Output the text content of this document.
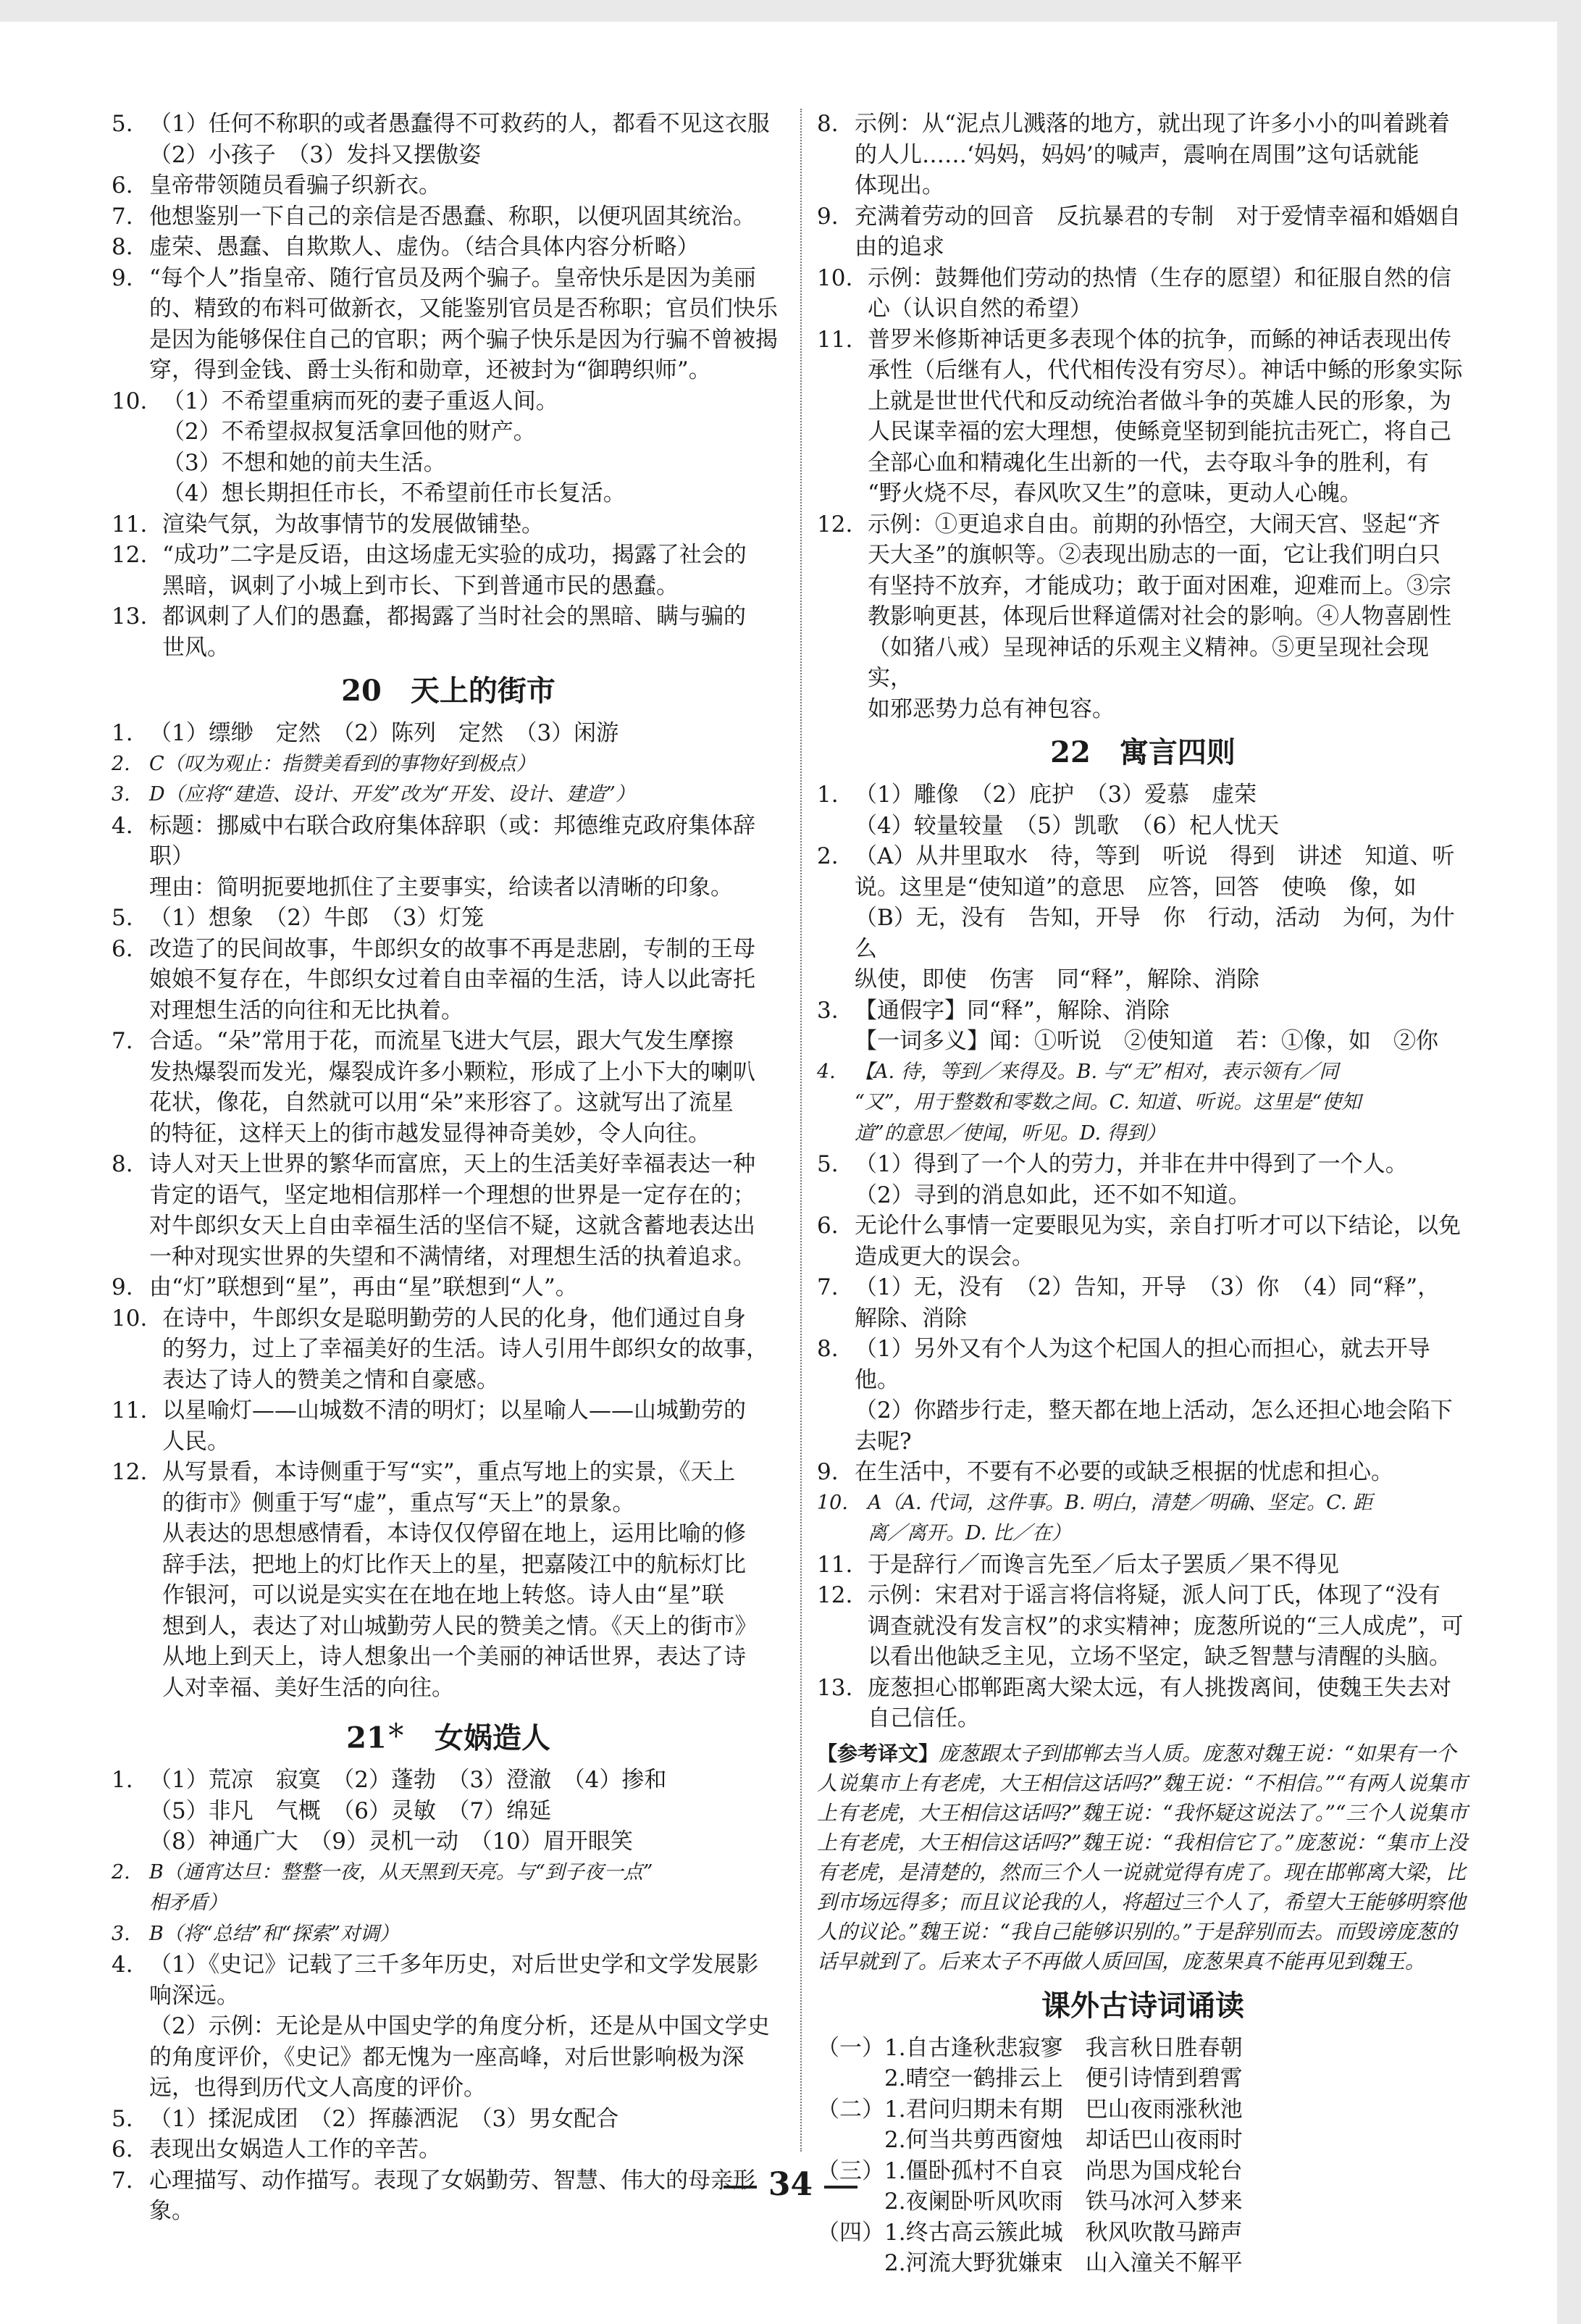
5. （1）任何不称职的或者愚蠢得不可救药的人，都看不见这衣服
（2）小孩子　（3）发抖又摆傲姿
6. 皇帝带领随员看骗子织新衣。
7. 他想鉴别一下自己的亲信是否愚蠢、称职，以便巩固其统治。
8. 虚荣、愚蠢、自欺欺人、虚伪。（结合具体内容分析略）
9. “每个人”指皇帝、随行官员及两个骗子。皇帝快乐是因为美丽
的、精致的布料可做新衣，又能鉴别官员是否称职；官员们快乐
是因为能够保住自己的官职；两个骗子快乐是因为行骗不曾被揭
穿，得到金钱、爵士头衔和勋章，还被封为“御聘织师”。
10. （1）不希望重病而死的妻子重返人间。
（2）不希望叔叔复活拿回他的财产。
（3）不想和她的前夫生活。
（4）想长期担任市长，不希望前任市长复活。
11. 渲染气氛，为故事情节的发展做铺垫。
12. “成功”二字是反语，由这场虚无实验的成功，揭露了社会的
黑暗，讽刺了小城上到市长、下到普通市民的愚蠢。
13. 都讽刺了人们的愚蠢，都揭露了当时社会的黑暗、瞒与骗的
世风。
20　天上的街市
1. （1）缥缈　定然　（2）陈列　定然　（3）闲游
2. C（叹为观止：指赞美看到的事物好到极点）
3. D（应将“建造、设计、开发”改为“开发、设计、建造”）
4. 标题：挪威中右联合政府集体辞职（或：邦德维克政府集体辞职）
理由：简明扼要地抓住了主要事实，给读者以清晰的印象。
5. （1）想象　（2）牛郎　（3）灯笼
6. 改造了的民间故事，牛郎织女的故事不再是悲剧，专制的王母
娘娘不复存在，牛郎织女过着自由幸福的生活，诗人以此寄托
对理想生活的向往和无比执着。
7. 合适。“朵”常用于花，而流星飞进大气层，跟大气发生摩擦
发热爆裂而发光，爆裂成许多小颗粒，形成了上小下大的喇叭
花状，像花，自然就可以用“朵”来形容了。这就写出了流星
的特征，这样天上的街市越发显得神奇美妙，令人向往。
8. 诗人对天上世界的繁华而富庶，天上的生活美好幸福表达一种
肯定的语气，坚定地相信那样一个理想的世界是一定存在的；
对牛郎织女天上自由幸福生活的坚信不疑，这就含蓄地表达出
一种对现实世界的失望和不满情绪，对理想生活的执着追求。
9. 由“灯”联想到“星”，再由“星”联想到“人”。
10. 在诗中，牛郎织女是聪明勤劳的人民的化身，他们通过自身
的努力，过上了幸福美好的生活。诗人引用牛郎织女的故事，
表达了诗人的赞美之情和自豪感。
11. 以星喻灯——山城数不清的明灯；以星喻人——山城勤劳的
人民。
12. 从写景看，本诗侧重于写“实”，重点写地上的实景，《天上
的街市》侧重于写“虚”，重点写“天上”的景象。
从表达的思想感情看，本诗仅仅停留在地上，运用比喻的修
辞手法，把地上的灯比作天上的星，把嘉陵江中的航标灯比
作银河，可以说是实实在在地在地上转悠。诗人由“星”联
想到人，表达了对山城勤劳人民的赞美之情。《天上的街市》
从地上到天上，诗人想象出一个美丽的神话世界，表达了诗
人对幸福、美好生活的向往。
21＊　女娲造人
1. （1）荒凉　寂寞　（2）蓬勃　（3）澄澈　（4）掺和
（5）非凡　气概　（6）灵敏　（7）绵延
（8）神通广大　（9）灵机一动　（10）眉开眼笑
2. B（通宵达旦：整整一夜，从天黑到天亮。与“到子夜一点”
相矛盾）
3. B（将“总结”和“探索”对调）
4. （1）《史记》记载了三千多年历史，对后世史学和文学发展影
响深远。
（2）示例：无论是从中国史学的角度分析，还是从中国文学史
的角度评价，《史记》都无愧为一座高峰，对后世影响极为深
远，也得到历代文人高度的评价。
5. （1）揉泥成团　（2）挥藤洒泥　（3）男女配合
6. 表现出女娲造人工作的辛苦。
7. 心理描写、动作描写。表现了女娲勤劳、智慧、伟大的母亲形象。
8. 示例：从“泥点儿溅落的地方，就出现了许多小小的叫着跳着
的人儿……‘妈妈，妈妈’的喊声，震响在周围”这句话就能
体现出。
9. 充满着劳动的回音　反抗暴君的专制　对于爱情幸福和婚姻自
由的追求
10. 示例：鼓舞他们劳动的热情（生存的愿望）和征服自然的信
心（认识自然的希望）
11. 普罗米修斯神话更多表现个体的抗争，而鲧的神话表现出传
承性（后继有人，代代相传没有穷尽）。神话中鲧的形象实际
上就是世世代代和反动统治者做斗争的英雄人民的形象，为
人民谋幸福的宏大理想，使鲧竟坚韧到能抗击死亡，将自己
全部心血和精魂化生出新的一代，去夺取斗争的胜利，有
“野火烧不尽，春风吹又生”的意味，更动人心魄。
12. 示例：①更追求自由。前期的孙悟空，大闹天宫、竖起“齐
天大圣”的旗帜等。②表现出励志的一面，它让我们明白只
有坚持不放弃，才能成功；敢于面对困难，迎难而上。③宗
教影响更甚，体现后世释道儒对社会的影响。④人物喜剧性
（如猪八戒）呈现神话的乐观主义精神。⑤更呈现社会现实，
如邪恶势力总有神包容。
22　寓言四则
1. （1）雕像　（2）庇护　（3）爱慕　虚荣
（4）较量较量　（5）凯歌　（6）杞人忧天
2. （A）从井里取水　待，等到　听说　得到　讲述　知道、听
说。这里是“使知道”的意思　应答，回答　使唤　像，如
（B）无，没有　告知，开导　你　行动，活动　为何，为什么
纵使，即使　伤害　同“释”，解除、消除
3. 【通假字】同“释”，解除、消除
【一词多义】闻：①听说　②使知道　若：①像，如　②你
4. 【A. 待，等到／来得及。B. 与“无”相对，表示领有／同
“又”，用于整数和零数之间。C. 知道、听说。这里是“使知
道”的意思／使闻，听见。D. 得到）
5. （1）得到了一个人的劳力，并非在井中得到了一个人。
（2）寻到的消息如此，还不如不知道。
6. 无论什么事情一定要眼见为实，亲自打听才可以下结论，以免
造成更大的误会。
7. （1）无，没有　（2）告知，开导　（3）你　（4）同“释”，
解除、消除
8. （1）另外又有个人为这个杞国人的担心而担心，就去开导他。
（2）你踏步行走，整天都在地上活动，怎么还担心地会陷下去呢?
9. 在生活中，不要有不必要的或缺乏根据的忧虑和担心。
10.	A（A. 代词，这件事。B. 明白，清楚／明确、坚定。C. 距
离／离开。D. 比／在）
11. 于是辞行／而谗言先至／后太子罢质／果不得见
12. 示例：宋君对于谣言将信将疑，派人问丁氏，体现了“没有
调查就没有发言权”的求实精神；庞葱所说的“三人成虎”，可
以看出他缺乏主见，立场不坚定，缺乏智慧与清醒的头脑。
13. 庞葱担心邯郸距离大梁太远，有人挑拨离间，使魏王失去对
自己信任。
【参考译文】庞葱跟太子到邯郸去当人质。庞葱对魏王说：“如果有一个人说集市上有老虎，大王相信这话吗?”魏王说：“不相信。”“有两人说集市上有老虎，大王相信这话吗?”魏王说：“我怀疑这说法了。”“三个人说集市上有老虎，大王相信这话吗?”魏王说：“我相信它了。”庞葱说：“集市上没有老虎，是清楚的，然而三个人一说就觉得有虎了。现在邯郸离大梁，比到市场远得多；而且议论我的人，将超过三个人了，希望大王能够明察他人的议论。”魏王说：“我自己能够识别的。”于是辞别而去。而毁谤庞葱的话早就到了。后来太子不再做人质回国，庞葱果真不能再见到魏王。
课外古诗词诵读
（一）1. 自古逢秋悲寂寥　我言秋日胜春朝
　　　2. 晴空一鹤排云上　便引诗情到碧霄
（二）1. 君问归期未有期　巴山夜雨涨秋池
　　　2. 何当共剪西窗烛　却话巴山夜雨时
（三）1. 僵卧孤村不自哀　尚思为国戍轮台
　　　2. 夜阑卧听风吹雨　铁马冰河入梦来
（四）1. 终古高云簇此城　秋风吹散马蹄声
　　　2. 河流大野犹嫌束　山入潼关不解平
34
